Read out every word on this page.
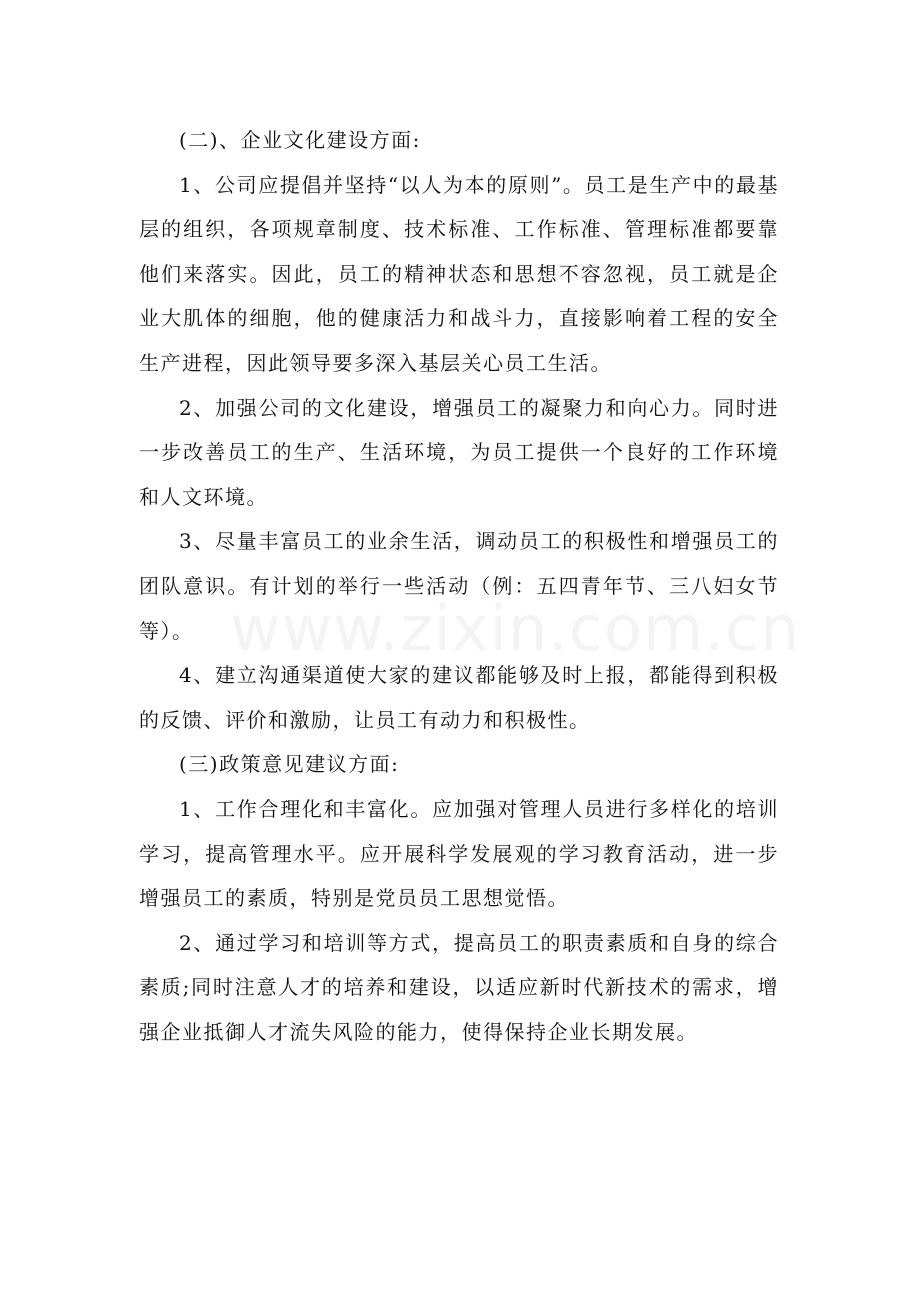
(二)、企业文化建设方面:

1、公司应提倡并坚持“以人为本的原则”。员工是生产中的最基层的组织，各项规章制度、技术标准、工作标准、管理标准都要靠他们来落实。因此，员工的精神状态和思想不容忽视，员工就是企业大肌体的细胞，他的健康活力和战斗力，直接影响着工程的安全生产进程，因此领导要多深入基层关心员工生活。

2、加强公司的文化建设，增强员工的凝聚力和向心力。同时进一步改善员工的生产、生活环境，为员工提供一个良好的工作环境和人文环境。

3、尽量丰富员工的业余生活，调动员工的积极性和增强员工的团队意识。有计划的举行一些活动（例：五四青年节、三八妇女节等）。

4、建立沟通渠道使大家的建议都能够及时上报，都能得到积极的反馈、评价和激励，让员工有动力和积极性。

(三)政策意见建议方面:

1、工作合理化和丰富化。应加强对管理人员进行多样化的培训学习，提高管理水平。应开展科学发展观的学习教育活动，进一步增强员工的素质，特别是党员员工思想觉悟。

2、通过学习和培训等方式，提高员工的职责素质和自身的综合素质;同时注意人才的培养和建设，以适应新时代新技术的需求，增强企业抵御人才流失风险的能力，使得保持企业长期发展。

www.zixin.com.cn
